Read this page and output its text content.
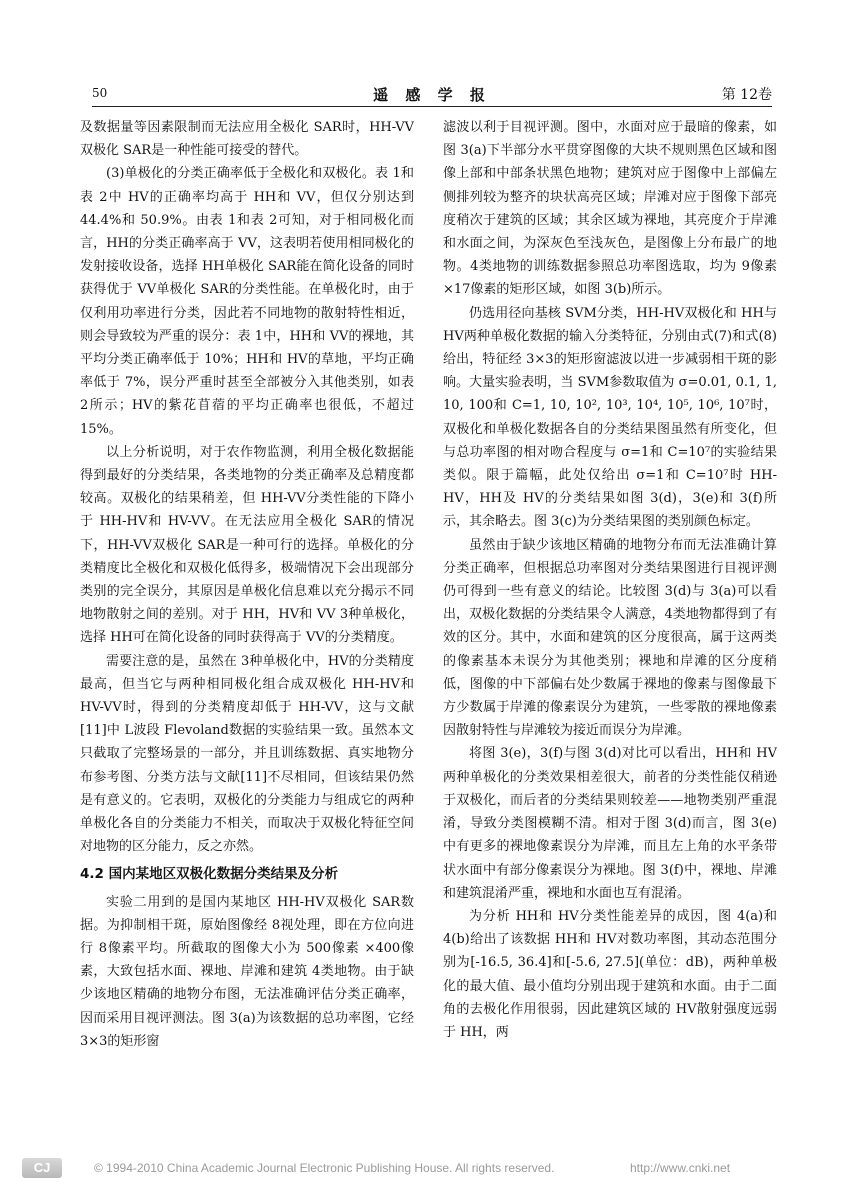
50	遥 感 学 报	第 12卷

及数据量等因素限制而无法应用全极化 SAR时，HH-VV双极化 SAR是一种性能可接受的替代。

(3)单极化的分类正确率低于全极化和双极化。表 1和表 2中 HV的正确率均高于 HH和 VV，但仅分别达到 44.4%和 50.9%。由表 1和表 2可知，对于相同极化而言，HH的分类正确率高于 VV，这表明若使用相同极化的发射接收设备，选择 HH单极化 SAR能在简化设备的同时获得优于 VV单极化 SAR的分类性能。在单极化时，由于仅利用功率进行分类，因此若不同地物的散射特性相近，则会导致较为严重的误分：表 1中，HH和 VV的裸地，其平均分类正确率低于 10%；HH和 HV的草地，平均正确率低于 7%，误分严重时甚至全部被分入其他类别，如表 2所示；HV的紫花苜蓿的平均正确率也很低，不超过 15%。

以上分析说明，对于农作物监测，利用全极化数据能得到最好的分类结果，各类地物的分类正确率及总精度都较高。双极化的结果稍差，但 HH-VV分类性能的下降小于 HH-HV和 HV-VV。在无法应用全极化 SAR的情况下，HH-VV双极化 SAR是一种可行的选择。单极化的分类精度比全极化和双极化低得多，极端情况下会出现部分类别的完全误分，其原因是单极化信息难以充分揭示不同地物散射之间的差别。对于 HH，HV和 VV 3种单极化，选择 HH可在简化设备的同时获得高于 VV的分类精度。

需要注意的是，虽然在 3种单极化中，HV的分类精度最高，但当它与两种相同极化组合成双极化 HH-HV和 HV-VV时，得到的分类精度却低于 HH-VV，这与文献[11]中 L波段 Flevoland数据的实验结果一致。虽然本文只截取了完整场景的一部分，并且训练数据、真实地物分布参考图、分类方法与文献[11]不尽相同，但该结果仍然是有意义的。它表明，双极化的分类能力与组成它的两种单极化各自的分类能力不相关，而取决于双极化特征空间对地物的区分能力，反之亦然。

4.2 国内某地区双极化数据分类结果及分析

实验二用到的是国内某地区 HH-HV双极化 SAR数据。为抑制相干斑，原始图像经 8视处理，即在方位向进行 8像素平均。所截取的图像大小为 500像素 ×400像素，大致包括水面、裸地、岸滩和建筑 4类地物。由于缺少该地区精确的地物分布图，无法准确评估分类正确率，因而采用目视评测法。图 3(a)为该数据的总功率图，它经 3×3的矩形窗

滤波以利于目视评测。图中，水面对应于最暗的像素，如图 3(a)下半部分水平贯穿图像的大块不规则黑色区域和图像上部和中部条状黑色地物；建筑对应于图像中上部偏左侧排列较为整齐的块状高亮区域；岸滩对应于图像下部亮度稍次于建筑的区域；其余区域为裸地，其亮度介于岸滩和水面之间，为深灰色至浅灰色，是图像上分布最广的地物。4类地物的训练数据参照总功率图选取，均为 9像素 ×17像素的矩形区域，如图 3(b)所示。

仍选用径向基核 SVM分类，HH-HV双极化和 HH与 HV两种单极化数据的输入分类特征，分别由式(7)和式(8)给出，特征经 3×3的矩形窗滤波以进一步减弱相干斑的影响。大量实验表明，当 SVM参数取值为 σ=0.01, 0.1, 1, 10, 100和 C=1, 10, 10², 10³, 10⁴, 10⁵, 10⁶, 10⁷时，双极化和单极化数据各自的分类结果图虽然有所变化，但与总功率图的相对吻合程度与 σ=1和 C=10⁷的实验结果类似。限于篇幅，此处仅给出 σ=1和 C=10⁷时 HH-HV，HH及 HV的分类结果如图 3(d)，3(e)和 3(f)所示，其余略去。图 3(c)为分类结果图的类别颜色标定。

虽然由于缺少该地区精确的地物分布而无法准确计算分类正确率，但根据总功率图对分类结果图进行目视评测仍可得到一些有意义的结论。比较图 3(d)与 3(a)可以看出，双极化数据的分类结果令人满意，4类地物都得到了有效的区分。其中，水面和建筑的区分度很高，属于这两类的像素基本未误分为其他类别；裸地和岸滩的区分度稍低，图像的中下部偏右处少数属于裸地的像素与图像最下方少数属于岸滩的像素误分为建筑，一些零散的裸地像素因散射特性与岸滩较为接近而误分为岸滩。

将图 3(e)，3(f)与图 3(d)对比可以看出，HH和 HV两种单极化的分类效果相差很大，前者的分类性能仅稍逊于双极化，而后者的分类结果则较差——地物类别严重混淆，导致分类图模糊不清。相对于图 3(d)而言，图 3(e)中有更多的裸地像素误分为岸滩，而且左上角的水平条带状水面中有部分像素误分为裸地。图 3(f)中，裸地、岸滩和建筑混淆严重，裸地和水面也互有混淆。

为分析 HH和 HV分类性能差异的成因，图 4(a)和 4(b)给出了该数据 HH和 HV对数功率图，其动态范围分别为[-16.5, 36.4]和[-5.6, 27.5](单位：dB)，两种单极化的最大值、最小值均分别出现于建筑和水面。由于二面角的去极化作用很弱，因此建筑区域的 HV散射强度远弱于 HH，两

CJ	© 1994-2010 China Academic Journal Electronic Publishing House. All rights reserved.	http://www.cnki.net
